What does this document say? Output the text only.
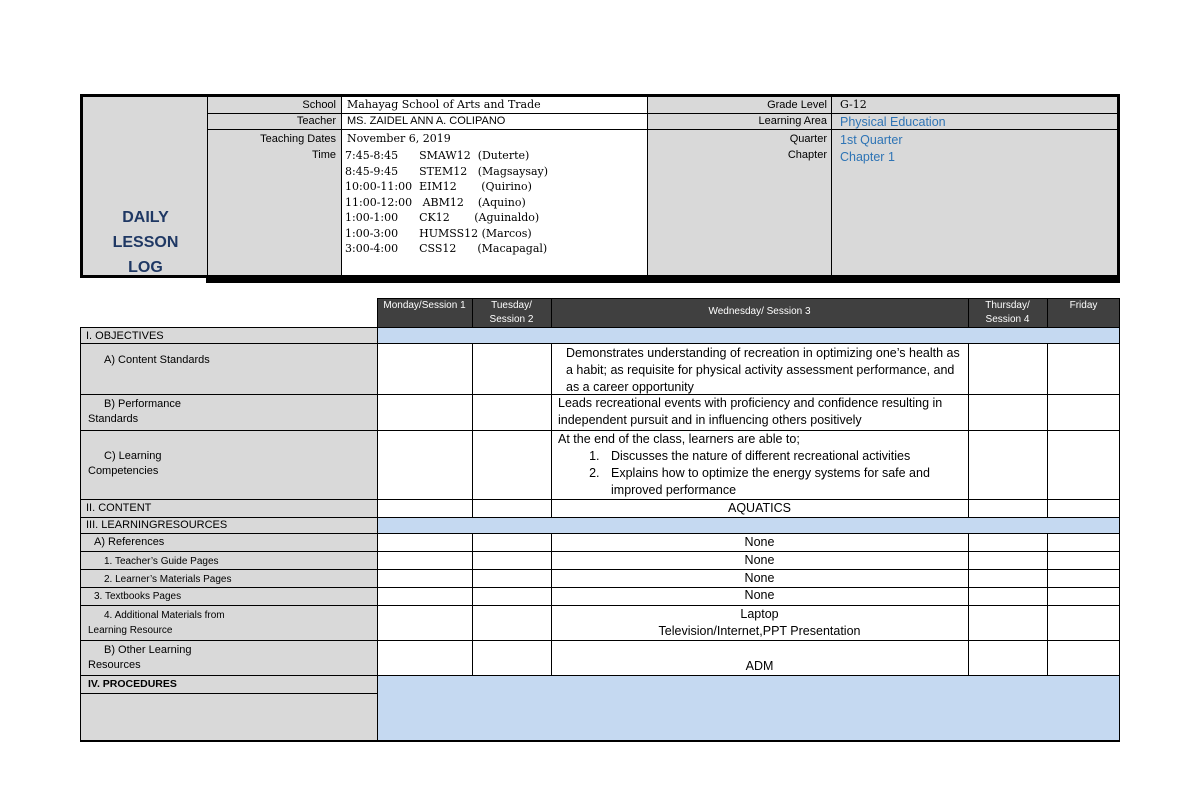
DAILY
LESSON
LOG
School
Teacher
Teaching Dates
Time
Mahayag School of Arts and Trade
MS. ZAIDEL ANN A. COLIPANO
November 6, 2019
7:45-8:45      SMAW12  (Duterte)
8:45-9:45      STEM12   (Magsaysay)
10:00-11:00  EIM12       (Quirino)
11:00-12:00   ABM12    (Aquino)
1:00-1:00      CK12       (Aguinaldo)
1:00-3:00      HUMSS12 (Marcos)
3:00-4:00      CSS12      (Macapagal)
Grade Level
Learning Area
Quarter
Chapter
G-12
Physical Education
1st Quarter
Chapter 1
Monday/Session 1	Tuesday/ Session 2
Wednesday/ Session 3
Thursday/ Session 4
Friday
I. OBJECTIVES
A) Content Standards
B) Performance Standards
C) Learning Competencies
II. CONTENT
III. LEARNINGRESOURCES
A) References
1. Teacher’s Guide Pages
2. Learner’s Materials Pages
3. Textbooks Pages
4. Additional Materials from Learning Resource
B) Other Learning Resources
IV. PROCEDURES
Demonstrates understanding of recreation in optimizing one’s health as a habit; as requisite for physical activity assessment performance, and as a career opportunity
Leads recreational events with proficiency and confidence resulting in independent pursuit and in influencing others positively
At the end of the class, learners are able to;
1. Discusses the nature of different recreational activities
2. Explains how to optimize the energy systems for safe and improved performance
AQUATICS
None
None
None
None
Laptop
Television/Internet,PPT Presentation
ADM
